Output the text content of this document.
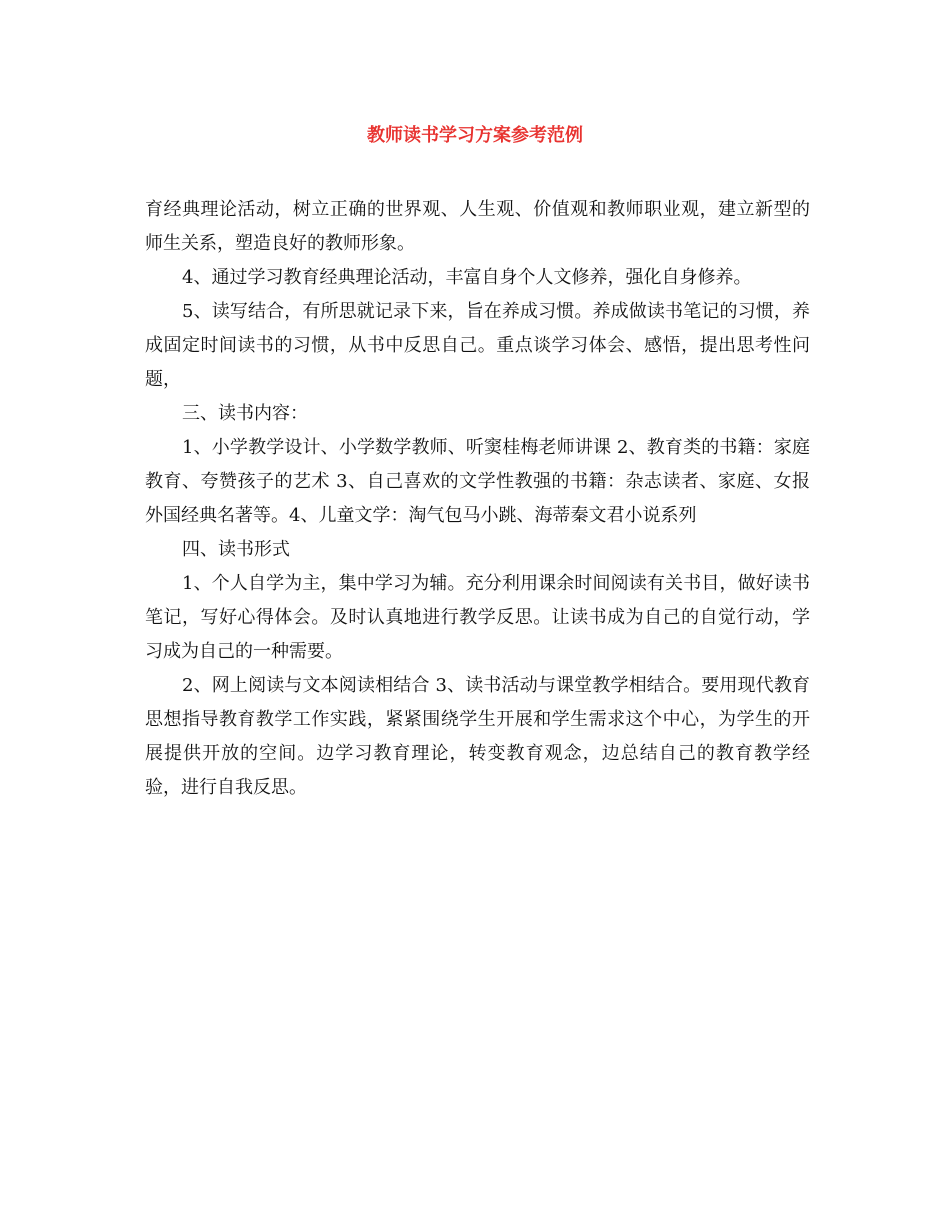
教师读书学习方案参考范例

育经典理论活动，树立正确的世界观、人生观、价值观和教师职业观，建立新型的师生关系，塑造良好的教师形象。

4、通过学习教育经典理论活动，丰富自身个人文修养，强化自身修养。

5、读写结合，有所思就记录下来，旨在养成习惯。养成做读书笔记的习惯，养成固定时间读书的习惯，从书中反思自己。重点谈学习体会、感悟，提出思考性问题，

三、读书内容：

1、小学教学设计、小学数学教师、听窦桂梅老师讲课 2、教育类的书籍：家庭教育、夸赞孩子的艺术 3、自己喜欢的文学性教强的书籍：杂志读者、家庭、女报外国经典名著等。4、儿童文学：淘气包马小跳、海蒂秦文君小说系列

四、读书形式

1、个人自学为主，集中学习为辅。充分利用课余时间阅读有关书目，做好读书笔记，写好心得体会。及时认真地进行教学反思。让读书成为自己的自觉行动，学习成为自己的一种需要。

2、网上阅读与文本阅读相结合 3、读书活动与课堂教学相结合。要用现代教育思想指导教育教学工作实践，紧紧围绕学生开展和学生需求这个中心，为学生的开展提供开放的空间。边学习教育理论，转变教育观念，边总结自己的教育教学经验，进行自我反思。
